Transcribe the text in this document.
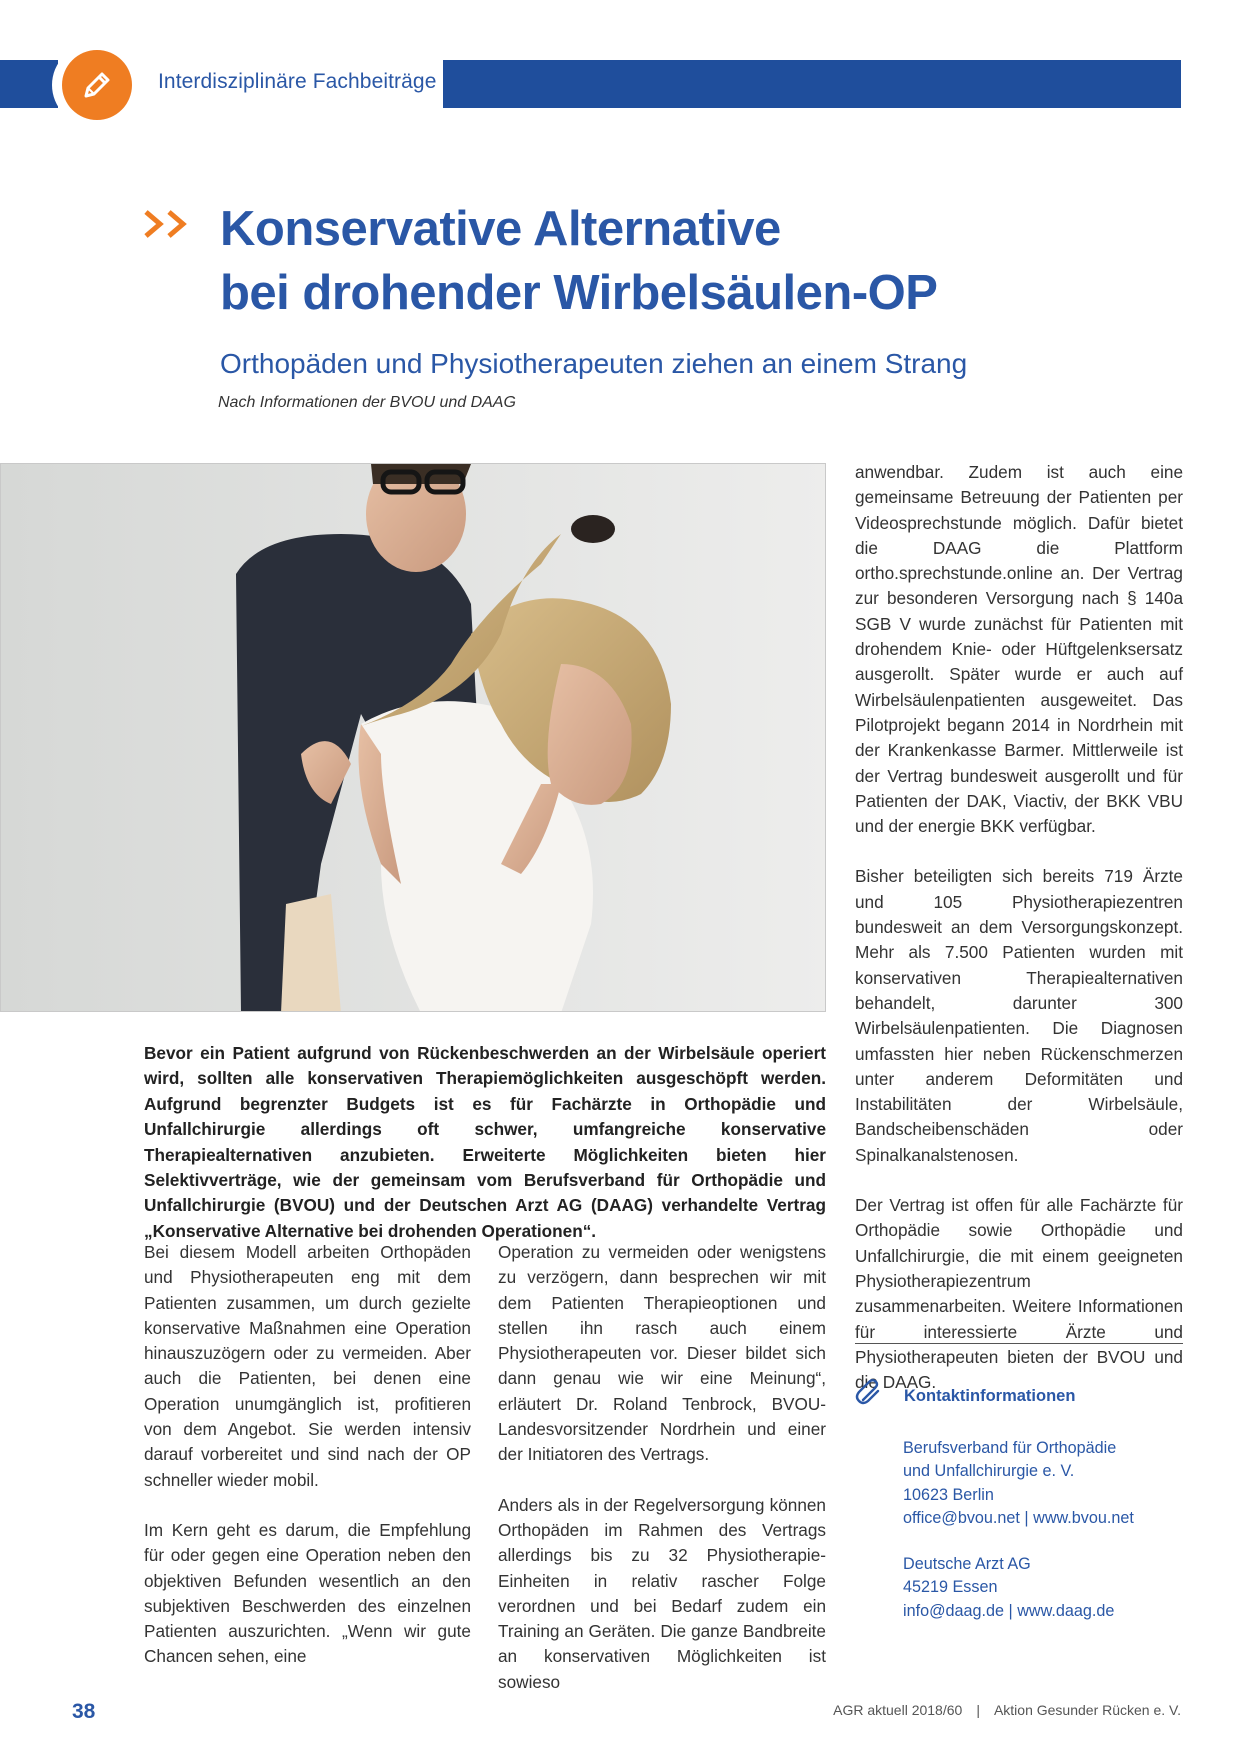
Interdisziplinäre Fachbeiträge
Konservative Alternative
bei drohender Wirbelsäulen-OP
Orthopäden und Physiotherapeuten ziehen an einem Strang
Nach Informationen der BVOU und DAAG
Bevor ein Patient aufgrund von Rückenbeschwerden an der Wirbelsäule operiert wird, sollten alle konservativen Therapiemöglichkeiten ausgeschöpft werden. Aufgrund begrenzter Budgets ist es für Fachärzte in Orthopädie und Unfallchirurgie allerdings oft schwer, umfangreiche konservative Therapiealternativen anzubieten. Erweiterte Möglichkeiten bieten hier Selektivverträge, wie der gemeinsam vom Berufsverband für Orthopädie und Unfallchirurgie (BVOU) und der Deutschen Arzt AG (DAAG) verhandelte Vertrag „Konservative Alternative bei drohenden Operationen“.

Bei diesem Modell arbeiten Orthopäden und Physiotherapeuten eng mit dem Patienten zusammen, um durch gezielte konservative Maßnahmen eine Operation hinauszuzögern oder zu vermeiden. Aber auch die Patienten, bei denen eine Operation unumgänglich ist, profitieren von dem Angebot. Sie werden intensiv darauf vorbereitet und sind nach der OP schneller wieder mobil.

Im Kern geht es darum, die Empfehlung für oder gegen eine Operation neben den objektiven Befunden wesentlich an den subjektiven Beschwerden des einzelnen Patienten auszurichten. „Wenn wir gute Chancen sehen, eine

Operation zu vermeiden oder wenigstens zu verzögern, dann besprechen wir mit dem Patienten Therapieoptionen und stellen ihn rasch auch einem Physiotherapeuten vor. Dieser bildet sich dann genau wie wir eine Meinung“, erläutert Dr. Roland Tenbrock, BVOU-Landesvorsitzender Nordrhein und einer der Initiatoren des Vertrags.

Anders als in der Regelversorgung können Orthopäden im Rahmen des Vertrags allerdings bis zu 32 Physiotherapie-Einheiten in relativ rascher Folge verordnen und bei Bedarf zudem ein Training an Geräten. Die ganze Bandbreite an konservativen Möglichkeiten ist sowieso

anwendbar. Zudem ist auch eine gemeinsame Betreuung der Patienten per Videosprechstunde möglich. Dafür bietet die DAAG die Plattform ortho.sprechstunde.online an. Der Vertrag zur besonderen Versorgung nach § 140a SGB V wurde zunächst für Patienten mit drohendem Knie- oder Hüftgelenksersatz ausgerollt. Später wurde er auch auf Wirbelsäulenpatienten ausgeweitet. Das Pilotprojekt begann 2014 in Nordrhein mit der Krankenkasse Barmer. Mittlerweile ist der Vertrag bundesweit ausgerollt und für Patienten der DAK, Viactiv, der BKK VBU und der energie BKK verfügbar.

Bisher beteiligten sich bereits 719 Ärzte und 105 Physiotherapiezentren bundesweit an dem Versorgungskonzept. Mehr als 7.500 Patienten wurden mit konservativen Therapiealternativen behandelt, darunter 300 Wirbelsäulenpatienten. Die Diagnosen umfassten hier neben Rückenschmerzen unter anderem Deformitäten und Instabilitäten der Wirbelsäule, Bandscheibenschäden oder Spinalkanalstenosen.

Der Vertrag ist offen für alle Fachärzte für Orthopädie sowie Orthopädie und Unfallchirurgie, die mit einem geeigneten Physiotherapiezentrum zusammenarbeiten. Weitere Informationen für interessierte Ärzte und Physiotherapeuten bieten der BVOU und die DAAG.

Kontaktinformationen
Berufsverband für Orthopädie
und Unfallchirurgie e. V.
10623 Berlin
office@bvou.net | www.bvou.net
Deutsche Arzt AG
45219 Essen
info@daag.de | www.daag.de
38	AGR aktuell 2018/60 | Aktion Gesunder Rücken e. V.
